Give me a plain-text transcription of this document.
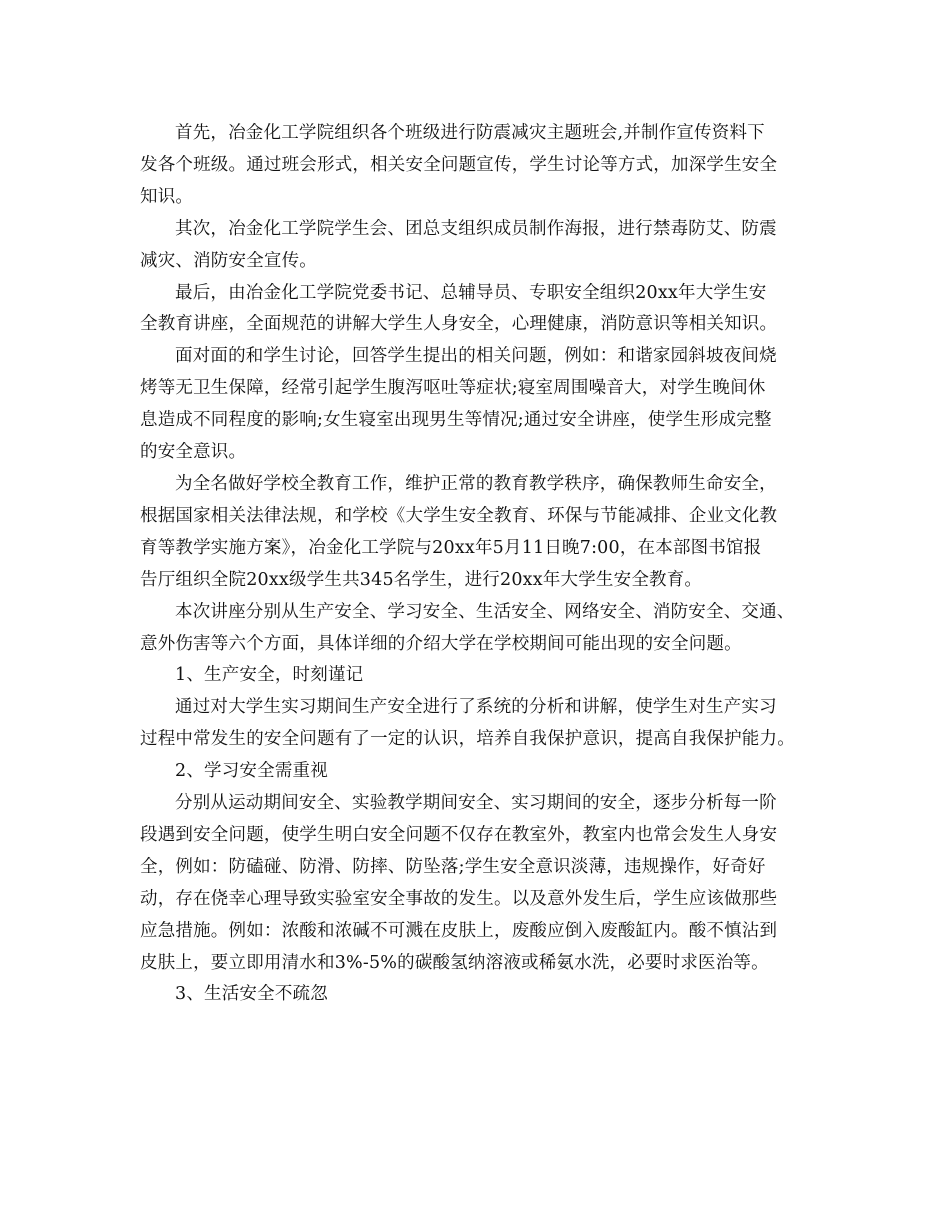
首先，冶金化工学院组织各个班级进行防震减灾主题班会,并制作宣传资料下
发各个班级。通过班会形式，相关安全问题宣传，学生讨论等方式，加深学生安全
知识。

其次，冶金化工学院学生会、团总支组织成员制作海报，进行禁毒防艾、防震
减灾、消防安全宣传。

最后，由冶金化工学院党委书记、总辅导员、专职安全组织20xx年大学生安
全教育讲座，全面规范的讲解大学生人身安全，心理健康，消防意识等相关知识。

面对面的和学生讨论，回答学生提出的相关问题，例如：和谐家园斜坡夜间烧
烤等无卫生保障，经常引起学生腹泻呕吐等症状;寝室周围噪音大，对学生晚间休
息造成不同程度的影响;女生寝室出现男生等情况;通过安全讲座，使学生形成完整
的安全意识。

为全名做好学校全教育工作，维护正常的教育教学秩序，确保教师生命安全，
根据国家相关法律法规，和学校《大学生安全教育、环保与节能减排、企业文化教
育等教学实施方案》，冶金化工学院与20xx年5月11日晚7:00，在本部图书馆报
告厅组织全院20xx级学生共345名学生，进行20xx年大学生安全教育。

本次讲座分别从生产安全、学习安全、生活安全、网络安全、消防安全、交通、
意外伤害等六个方面，具体详细的介绍大学在学校期间可能出现的安全问题。

1、生产安全，时刻谨记

通过对大学生实习期间生产安全进行了系统的分析和讲解，使学生对生产实习
过程中常发生的安全问题有了一定的认识，培养自我保护意识，提高自我保护能力。

2、学习安全需重视

分别从运动期间安全、实验教学期间安全、实习期间的安全，逐步分析每一阶
段遇到安全问题，使学生明白安全问题不仅存在教室外，教室内也常会发生人身安
全，例如：防磕碰、防滑、防摔、防坠落;学生安全意识淡薄，违规操作，好奇好
动，存在侥幸心理导致实验室安全事故的发生。以及意外发生后，学生应该做那些
应急措施。例如：浓酸和浓碱不可溅在皮肤上，废酸应倒入废酸缸内。酸不慎沾到
皮肤上，要立即用清水和3%-5%的碳酸氢纳溶液或稀氨水洗，必要时求医治等。

3、生活安全不疏忽
